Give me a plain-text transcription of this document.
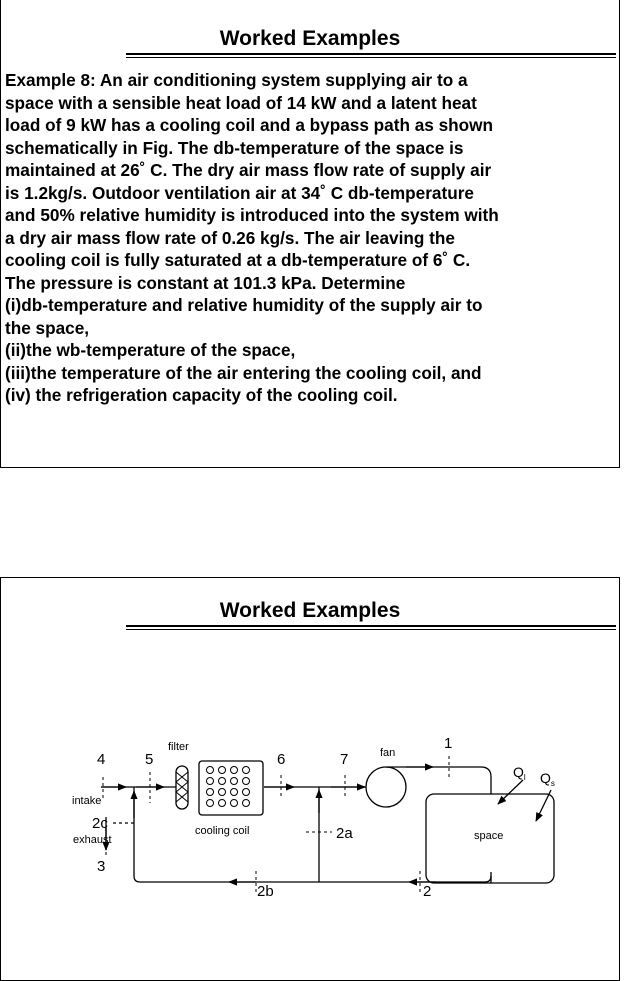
Worked Examples
Example 8: An air conditioning system supplying air to a
space with a sensible heat load of 14 kW and a latent heat
load of 9 kW has a cooling coil and a bypass path as shown
schematically in Fig. The db-temperature of the space is
maintained at 26˚ C. The dry air mass flow rate of supply air
is 1.2kg/s. Outdoor ventilation air at 34˚ C db-temperature
and 50% relative humidity is introduced into the system with
a dry air mass flow rate of 0.26 kg/s. The air leaving the
cooling coil is fully saturated at a db-temperature of 6˚ C.
The pressure is constant at 101.3 kPa. Determine
(i)db-temperature and relative humidity of the supply air to
the space,
(ii)the wb-temperature of the space,
(iii)the temperature of the air entering the cooling coil, and
(iv) the refrigeration capacity of the cooling coil.
Worked Examples
4	5
filter
6	7	fan
1
$Q_l$ $Q_s$
intake
2c
exhaust
cooling coil	2a	space
3
2b	2
